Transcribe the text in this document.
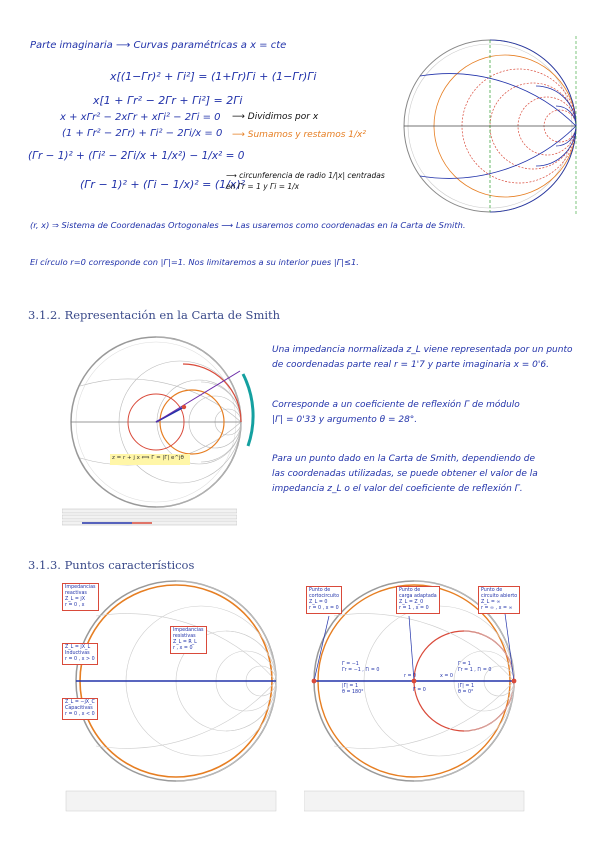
Parte imaginaria ⟶ Curvas paramétricas a x = cte
x[(1−Γr)² + Γi²] = (1+Γr)Γi + (1−Γr)Γi
x[1 + Γr² − 2Γr + Γi²] = 2Γi
x + xΓr² − 2xΓr + xΓi² − 2Γi = 0 ⟶ Dividimos por x
(1 + Γr² − 2Γr) + Γi² − 2Γi/x = 0 ⟶ Sumamos y restamos 1/x²
(Γr − 1)² + (Γi² − 2Γi/x + 1/x²) − 1/x² = 0
(Γr − 1)² + (Γi − 1/x)² = (1/x)²
⟶ circunferencia de radio 1/|x| centradas en Γr = 1 y Γi = 1/x
(r, x) ⇒ Sistema de Coordenadas Ortogonales ⟶ Las usaremos como coordenadas en la Carta de Smith.
El círculo r=0 corresponde con |Γ|=1. Nos limitaremos a su interior pues |Γ|≤1.
3.1.2. Representación en la Carta de Smith
z = r + j x ⟺ Γ = |Γ| e^jθ
Una impedancia normalizada z_L viene representada por un punto
de coordenadas parte real r = 1'7 y parte imaginaria x = 0'6.
Corresponde a un coeficiente de reflexión Γ de módulo
|Γ| = 0'33 y argumento θ = 28°.
Para un punto dado en la Carta de Smith, dependiendo de
las coordenadas utilizadas, se puede obtener el valor de la
impedancia z_L o el valor del coeficiente de reflexión Γ.
3.1.3. Puntos característicos
Impedancias
reactivas
Z_L = jX
r = 0 , x
Z_L = jX_L
Inductivas
r = 0 , x > 0
Impedancias
resistivas
Z_L = R_L
r , x = 0
Z_L = −jX_C
Capacitivas
r = 0 , x < 0
Punto de
cortocircuito
Z_L = 0
r = 0 , x = 0
Punto de
carga adaptada
Z_L = Z_0
r = 1 , x = 0
Punto de
circuito abierto
Z_L = ∞
r = ∞ , x = ∞
Γ = −1
Γr = −1 , Γi = 0
|Γ| = 1
θ = 180°	Γ = 0
Γ = 1
Γr = 1 , Γi = 0
|Γ| = 1
θ = 0°
r = 0	x = 0
